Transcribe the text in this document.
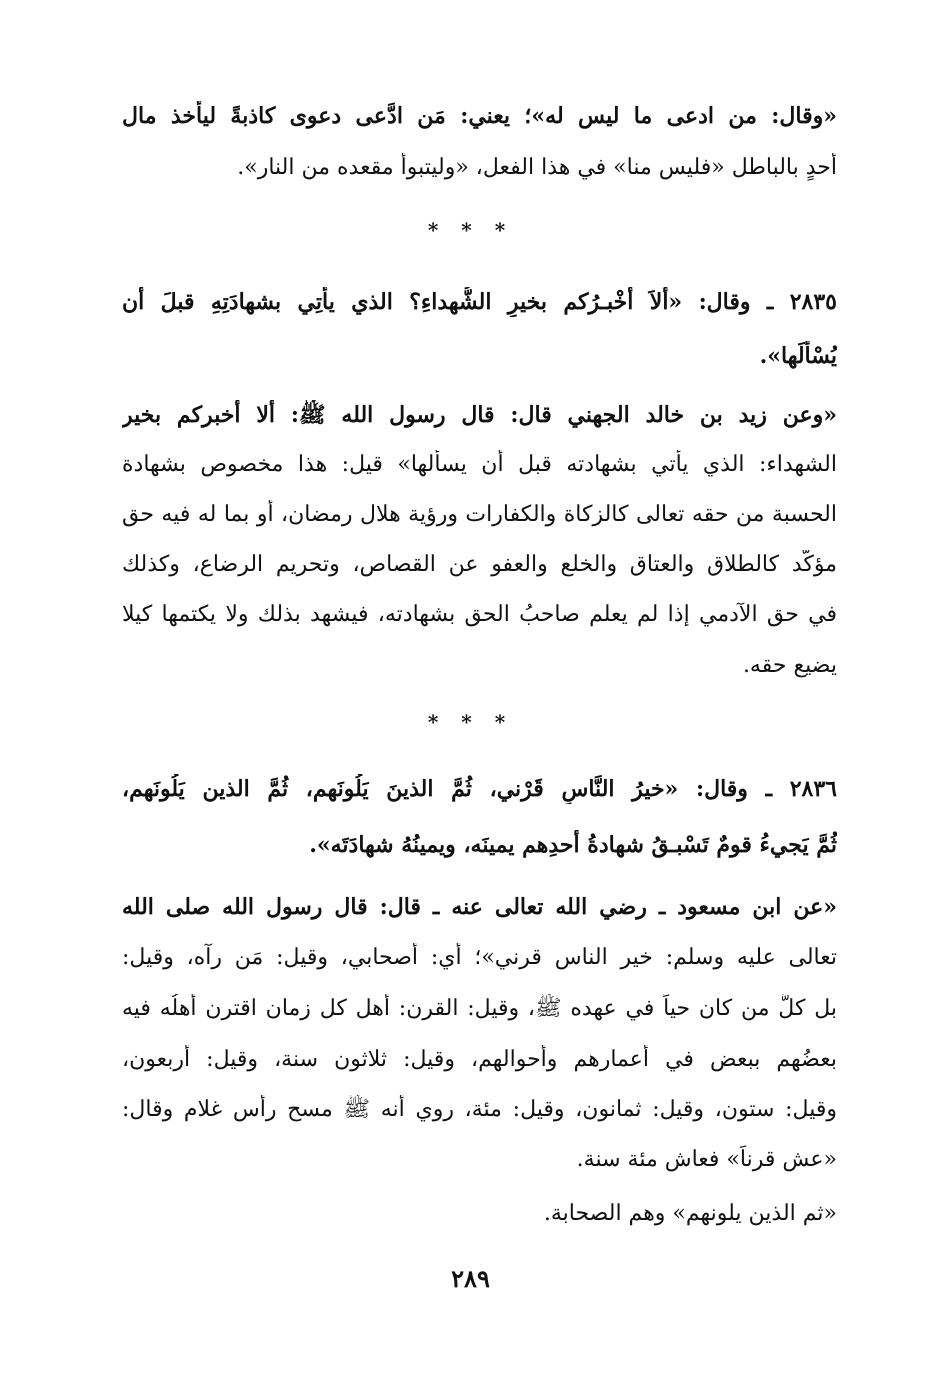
«وقال: من ادعى ما ليس له»؛ يعني: مَن ادَّعى دعوى كاذبةً ليأخذ مال

أحدٍ بالباطل «فليس منا» في هذا الفعل، «وليتبوأ مقعده من النار».

* * *

٢٨٣٥ ـ وقال: «ألاَ أُخْبـرُكم بخيرِ الشُّهداءِ؟ الذي يأتِي بشهادَتِهِ قبلَ أن

يُسْأَلَها».

«وعن زيد بن خالد الجهني قال: قال رسول الله ﷺ: ألا أخبركم بخير

الشهداء: الذي يأتي بشهادته قبل أن يسألها» قيل: هذا مخصوص بشهادة

الحسبة من حقه تعالى كالزكاة والكفارات ورؤية هلال رمضان، أو بما له فيه حق

مؤكَّد كالطلاق والعتاق والخلع والعفو عن القصاص، وتحريم الرضاع، وكذلك

في حق الآدمي إذا لم يعلم صاحبُ الحق بشهادته، فيشهد بذلك ولا يكتمها كيلا

يضيع حقه.

* * *

٢٨٣٦ ـ وقال: «خيرُ النَّاسِ قَرْني، ثُمَّ الذينَ يَلُونَهم، ثُمَّ الذين يَلُونَهم،

ثُمَّ يَجيءُ قومٌ تَسْبـقُ شهادةُ أحدِهم يمينَه، ويمينُهُ شهادَتَه».

«عن ابن مسعود ـ رضي الله تعالى عنه ـ قال: قال رسول الله صلى الله

تعالى عليه وسلم: خير الناس قرني»؛ أي: أصحابي، وقيل: مَن رآه، وقيل:

بل كلُّ من كان حياً في عهده ﷺ، وقيل: القرن: أهل كل زمان اقترن أهلُه فيه

بعضُهم ببعض في أعمارهم وأحوالهم، وقيل: ثلاثون سنة، وقيل: أربعون،

وقيل: ستون، وقيل: ثمانون، وقيل: مئة، روي أنه ﷺ مسح رأس غلام وقال:

«عش قرناً» فعاش مئة سنة.

«ثم الذين يلونهم» وهم الصحابة.

٢٨٩
